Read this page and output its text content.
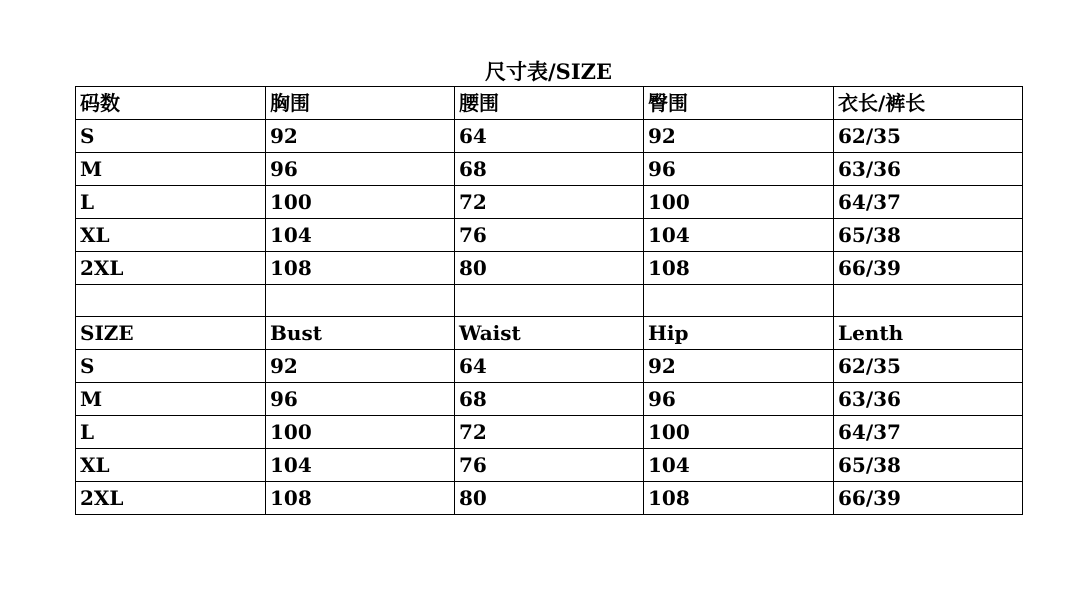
尺寸表/SIZE
码数	胸围	腰围	臀围	衣长/裤长
S	92	64	92	62/35
M	96	68	96	63/36
L	100	72	100	64/37
XL	104	76	104	65/38
2XL	108	80	108	66/39

SIZE	Bust	Waist	Hip	Lenth
S	92	64	92	62/35
M	96	68	96	63/36
L	100	72	100	64/37
XL	104	76	104	65/38
2XL	108	80	108	66/39
